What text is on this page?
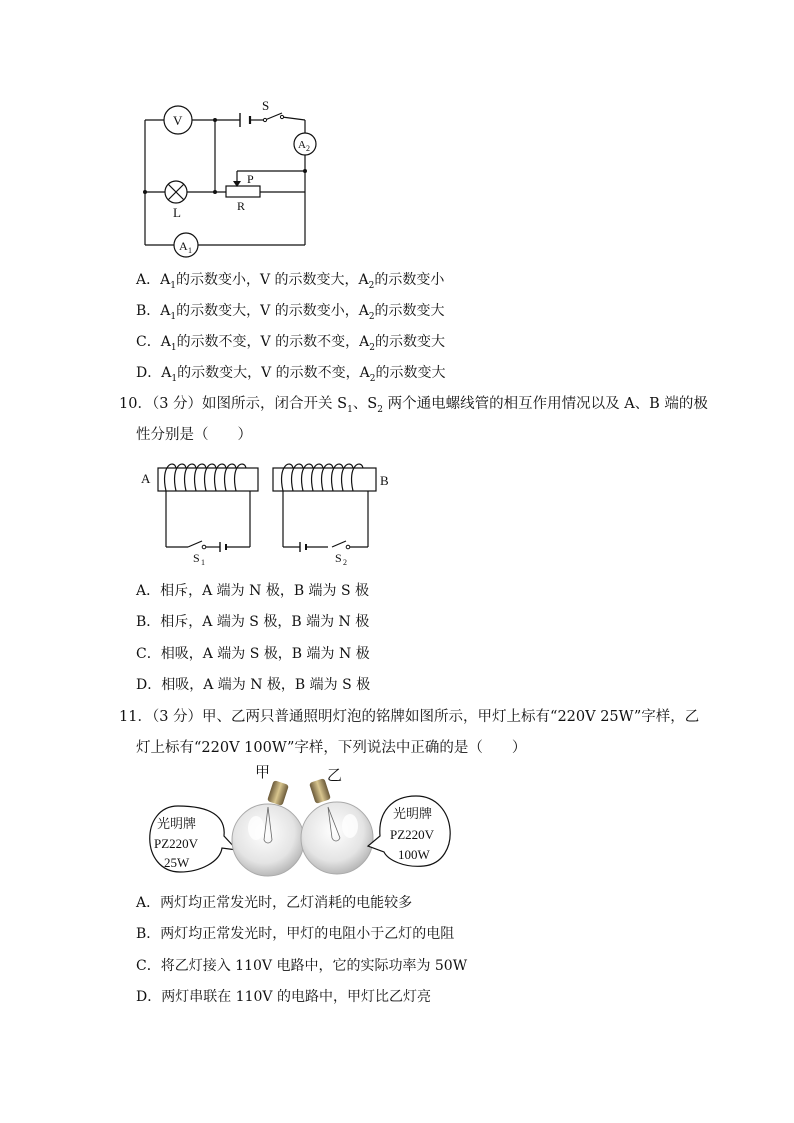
V
S
A 2
L
P
R
A 1
A．$A_1$的示数变小，V 的示数变大，$A_2$的示数变小
B．$A_1$的示数变大，V 的示数变小，$A_2$的示数变大
C．$A_1$的示数不变，V 的示数不变，$A_2$的示数变大
D．$A_1$的示数变大，V 的示数不变，$A_2$的示数变大
10．（3 分）如图所示，闭合开关 $S_1$、$S_2$ 两个通电螺线管的相互作用情况以及 A、B 端的极
性分别是（　　）
A	B
S 1	S 2
A．相斥，A 端为 N 极，B 端为 S 极
B．相斥，A 端为 S 极，B 端为 N 极
C．相吸，A 端为 S 极，B 端为 N 极
D．相吸，A 端为 N 极，B 端为 S 极
11．（3 分）甲、乙两只普通照明灯泡的铭牌如图所示，甲灯上标有“220V 25W”字样，乙
灯上标有“220V 100W”字样，下列说法中正确的是（　　）
甲	乙
光明牌
PZ220V
25W
光明牌
PZ220V
100W
A．两灯均正常发光时，乙灯消耗的电能较多
B．两灯均正常发光时，甲灯的电阻小于乙灯的电阻
C．将乙灯接入 110V 电路中，它的实际功率为 50W
D．两灯串联在 110V 的电路中，甲灯比乙灯亮
